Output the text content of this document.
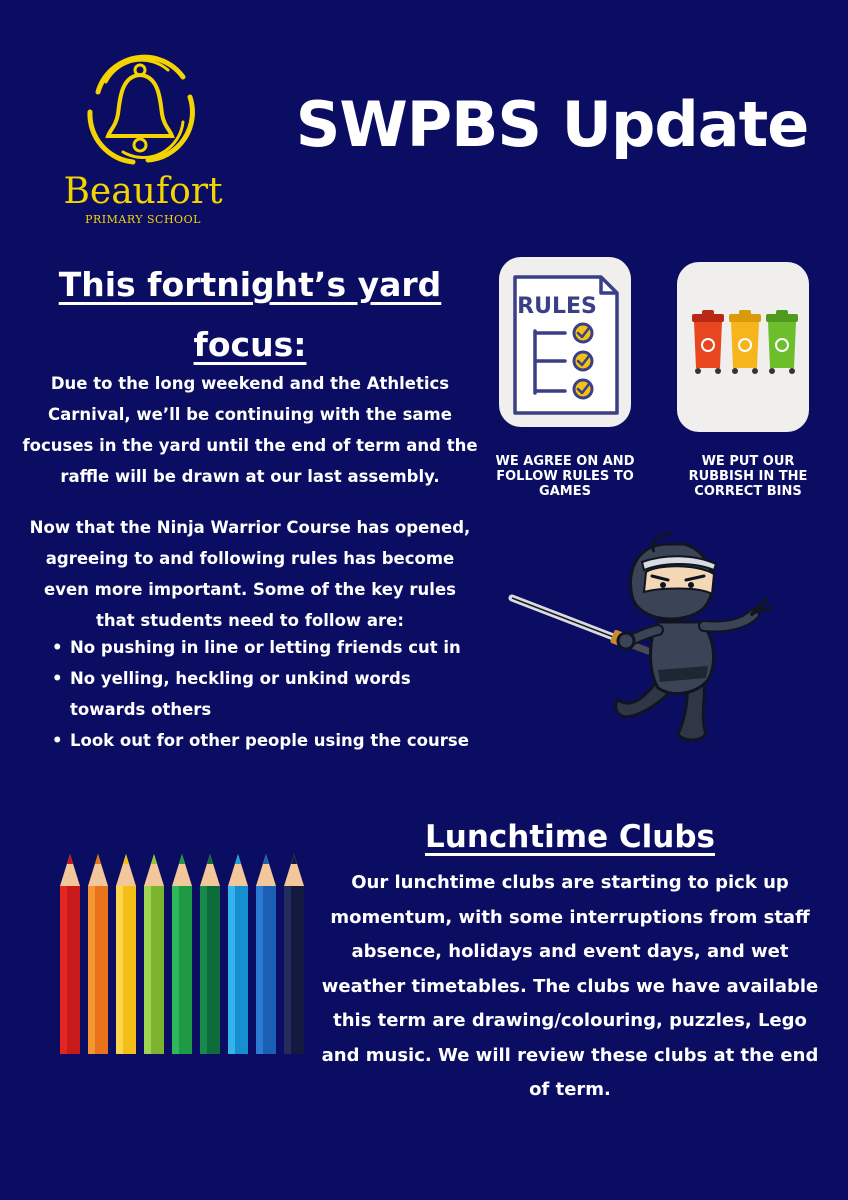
Beaufort
PRIMARY SCHOOL
SWPBS Update
This fortnight’s yard
focus:
Due to the long weekend and the Athletics Carnival, we’ll be continuing with the same focuses in the yard until the end of term and the raffle will be drawn at our last assembly.
Now that the Ninja Warrior Course has opened, agreeing to and following rules has become even more important. Some of the key rules that students need to follow are:
• No pushing in line or letting friends cut in
• No yelling, heckling or unkind words towards others
• Look out for other people using the course
RULES
WE AGREE ON AND FOLLOW RULES TO GAMES
WE PUT OUR RUBBISH IN THE CORRECT BINS
Lunchtime Clubs
Our lunchtime clubs are starting to pick up momentum, with some interruptions from staff absence, holidays and event days, and wet weather timetables. The clubs we have available this term are drawing/colouring, puzzles, Lego and music. We will review these clubs at the end of term.
